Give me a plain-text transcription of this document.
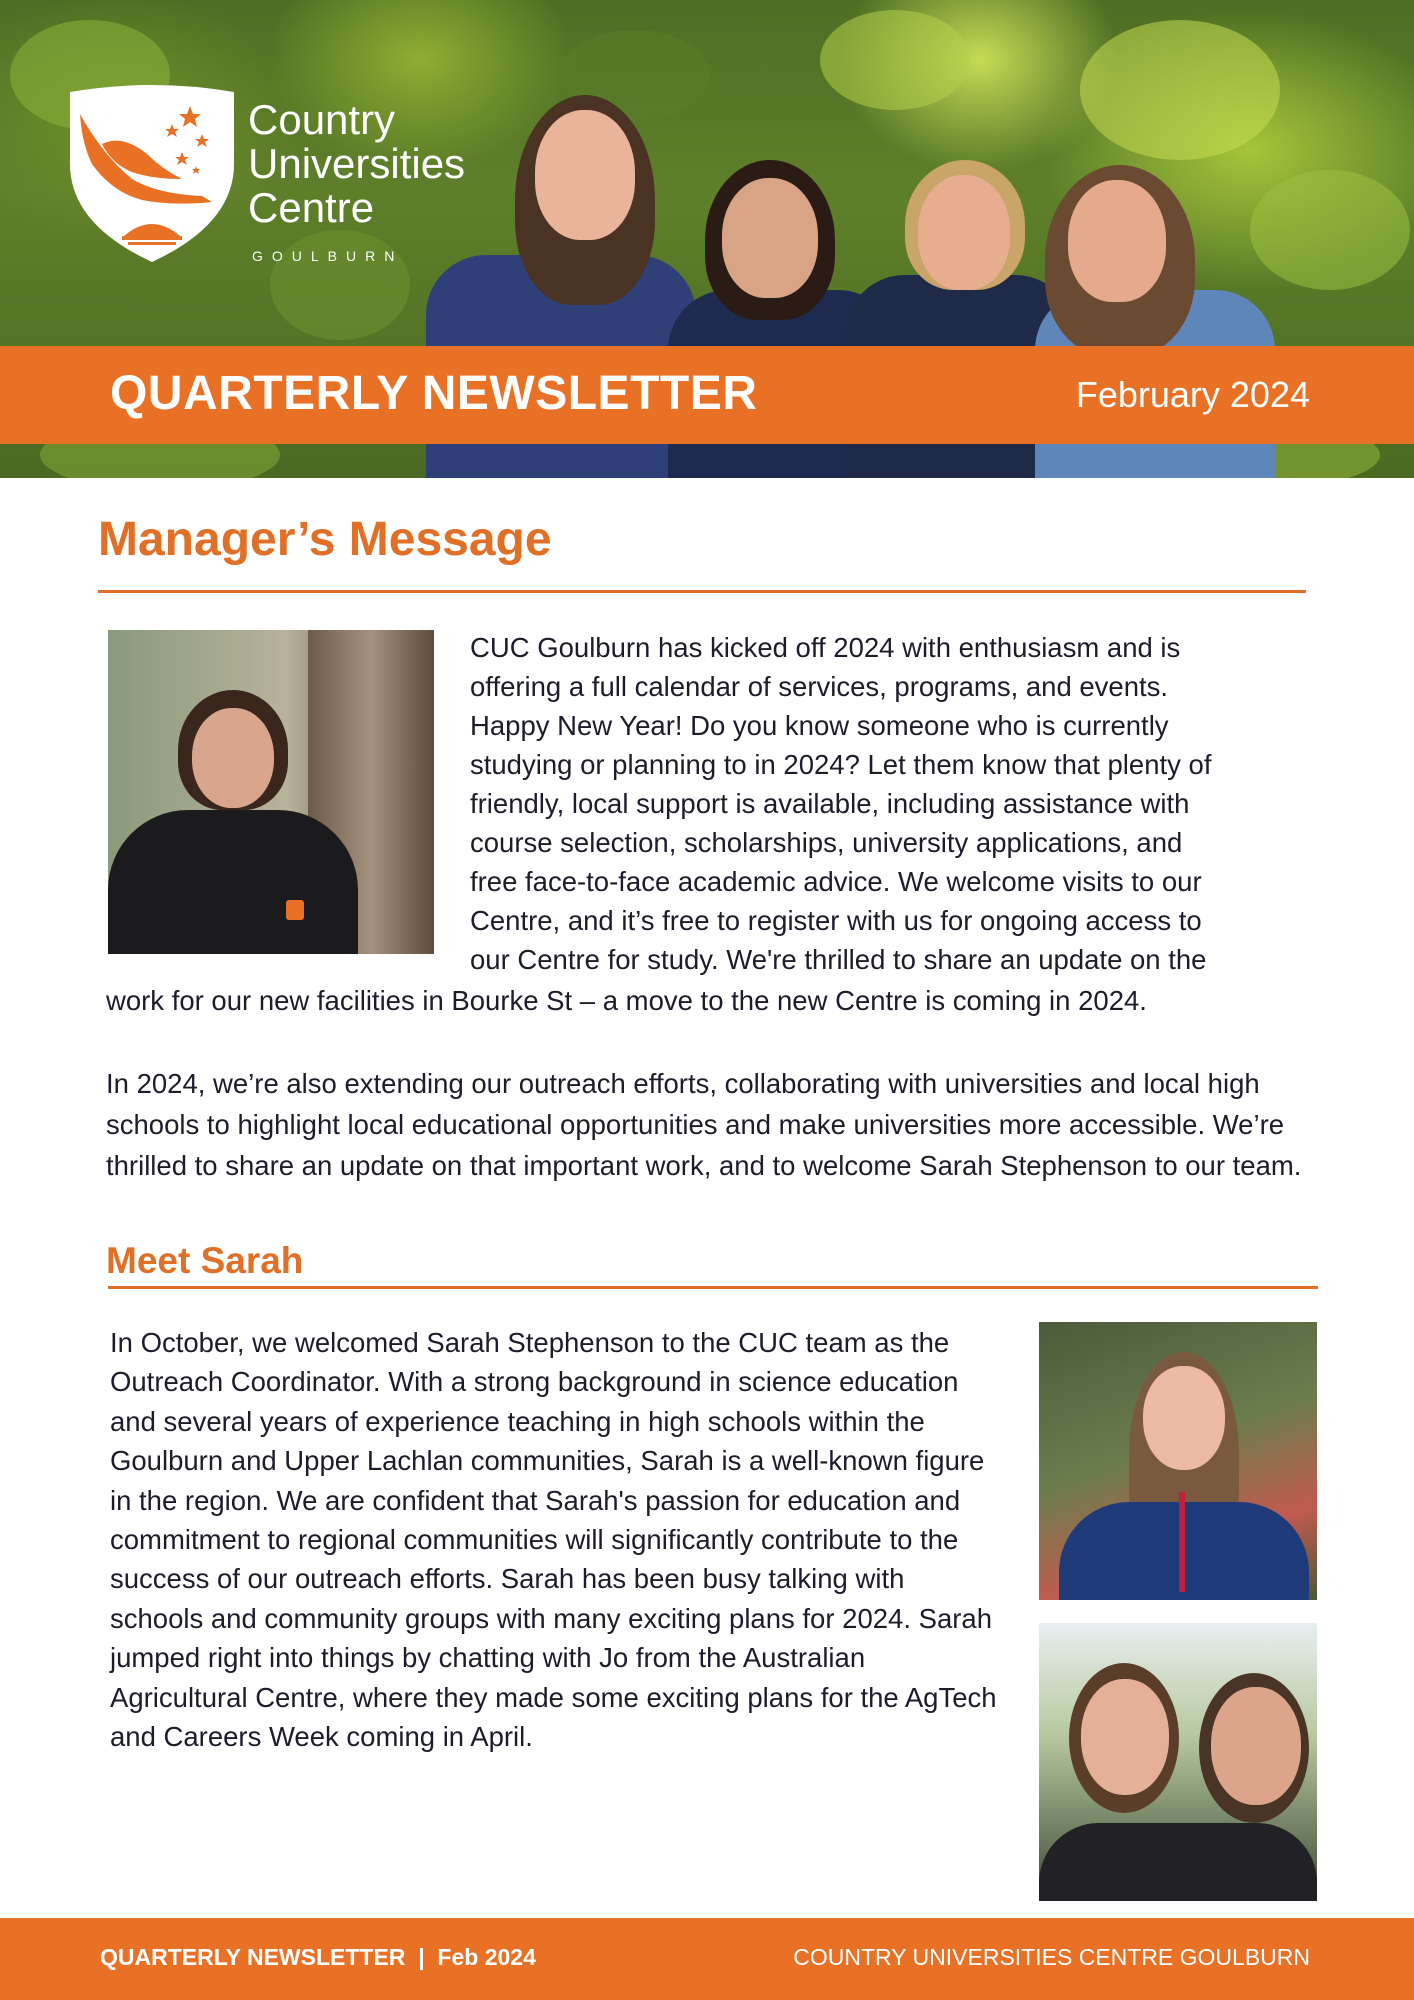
Country
Universities
Centre
GOULBURN
QUARTERLY NEWSLETTER	February 2024
Manager’s Message

CUC Goulburn has kicked off 2024 with enthusiasm and is

offering a full calendar of services, programs, and events.

Happy New Year! Do you know someone who is currently

studying or planning to in 2024? Let them know that plenty of

friendly, local support is available, including assistance with

course selection, scholarships, university applications, and

free face-to-face academic advice. We welcome visits to our

Centre, and it’s free to register with us for ongoing access to

our Centre for study. We're thrilled to share an update on the

work for our new facilities in Bourke St – a move to the new Centre is coming in 2024.

In 2024, we’re also extending our outreach efforts, collaborating with universities and local high schools to highlight local educational opportunities and make universities more accessible. We’re thrilled to share an update on that important work, and to welcome Sarah Stephenson to our team.

Meet Sarah

In October, we welcomed Sarah Stephenson to the CUC team as the Outreach Coordinator. With a strong background in science education and several years of experience teaching in high schools within the Goulburn and Upper Lachlan communities, Sarah is a well-known figure in the region. We are confident that Sarah's passion for education and commitment to regional communities will significantly contribute to the success of our outreach efforts. Sarah has been busy talking with schools and community groups with many exciting plans for 2024. Sarah jumped right into things by chatting with Jo from the Australian Agricultural Centre, where they made some exciting plans for the AgTech and Careers Week coming in April.

QUARTERLY NEWSLETTER  |  Feb 2024	COUNTRY UNIVERSITIES CENTRE GOULBURN
